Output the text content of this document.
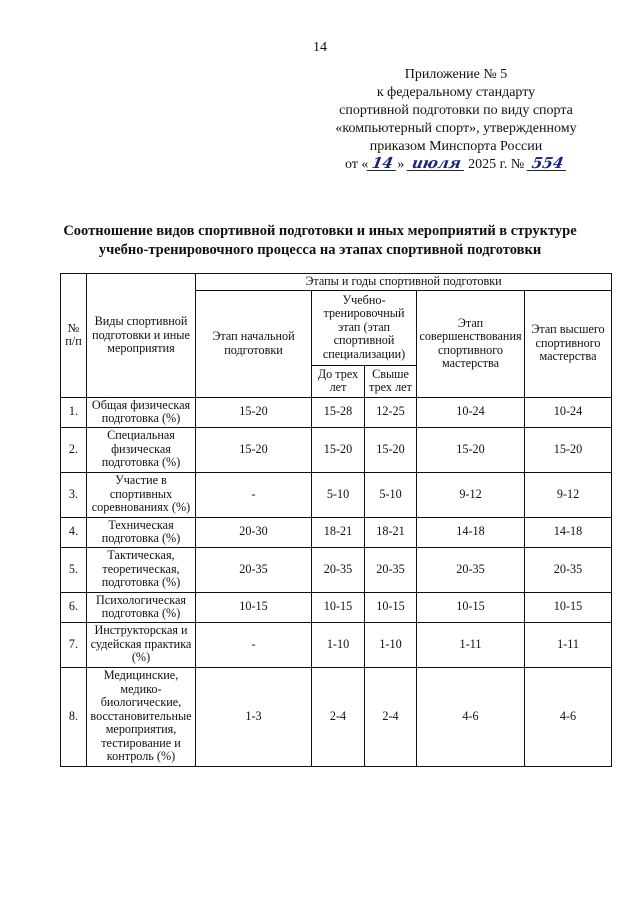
14
Приложение № 5
к федеральному стандарту
спортивной подготовки по виду спорта
«компьютерный спорт», утвержденному
приказом Минспорта России
от « 14 » июля 2025 г. № 554
Соотношение видов спортивной подготовки и иных мероприятий в структуре
учебно-тренировочного процесса на этапах спортивной подготовки
№ п/п	Виды спортивной подготовки и иные мероприятия	Этапы и годы спортивной подготовки				
		Этап начальной подготовки	Учебно-тренировочный этап (этап спортивной специализации)		Этап совершенствования спортивного мастерства	Этап высшего спортивного мастерства
			До трех лет	Свыше трех лет		
1.	Общая физическая подготовка (%)	15-20	15-28	12-25	10-24	10-24
2.	Специальная физическая подготовка (%)	15-20	15-20	15-20	15-20	15-20
3.	Участие в спортивных соревнованиях (%)	-	5-10	5-10	9-12	9-12
4.	Техническая подготовка (%)	20-30	18-21	18-21	14-18	14-18
5.	Тактическая, теоретическая, подготовка (%)	20-35	20-35	20-35	20-35	20-35
6.	Психологическая подготовка (%)	10-15	10-15	10-15	10-15	10-15
7.	Инструкторская и судейская практика (%)	-	1-10	1-10	1-11	1-11
8.	Медицинские, медико-биологические, восстановительные мероприятия, тестирование и контроль (%)	1-3	2-4	2-4	4-6	4-6
